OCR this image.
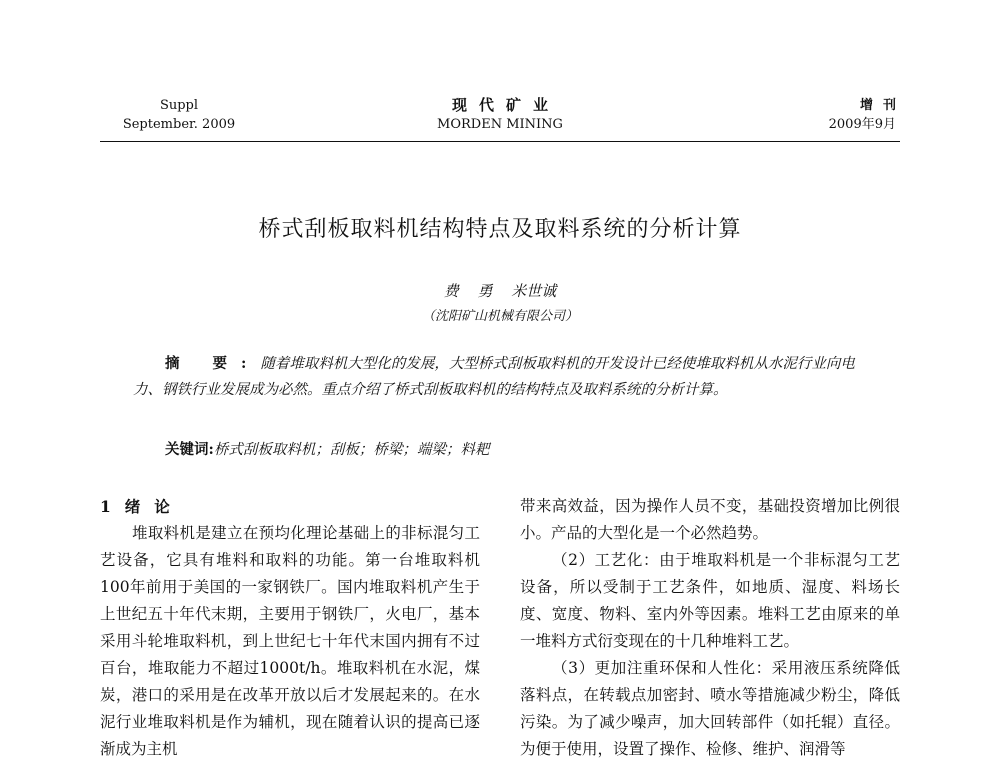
Suppl
September. 2009
现代矿业
MORDEN MINING
增刊
2009年9月
桥式刮板取料机结构特点及取料系统的分析计算
费 勇 米世诚
（沈阳矿山机械有限公司）

摘 要:随着堆取料机大型化的发展，大型桥式刮板取料机的开发设计已经使堆取料机从水泥行业向电力、钢铁行业发展成为必然。重点介绍了桥式刮板取料机的结构特点及取料系统的分析计算。

关键词:桥式刮板取料机；刮板；桥梁；端梁；料耙

1 绪论

堆取料机是建立在预均化理论基础上的非标混匀工艺设备，它具有堆料和取料的功能。第一台堆取料机100年前用于美国的一家钢铁厂。国内堆取料机产生于上世纪五十年代末期，主要用于钢铁厂，火电厂，基本采用斗轮堆取料机，到上世纪七十年代末国内拥有不过百台，堆取能力不超过1000t/h。堆取料机在水泥，煤炭，港口的采用是在改革开放以后才发展起来的。在水泥行业堆取料机是作为辅机，现在随着认识的提高已逐渐成为主机

带来高效益，因为操作人员不变，基础投资增加比例很小。产品的大型化是一个必然趋势。

（2）工艺化：由于堆取料机是一个非标混匀工艺设备，所以受制于工艺条件，如地质、湿度、料场长度、宽度、物料、室内外等因素。堆料工艺由原来的单一堆料方式衍变现在的十几种堆料工艺。

（3）更加注重环保和人性化：采用液压系统降低落料点，在转载点加密封、喷水等措施减少粉尘，降低污染。为了减少噪声，加大回转部件（如托辊）直径。为便于使用，设置了操作、检修、维护、润滑等
